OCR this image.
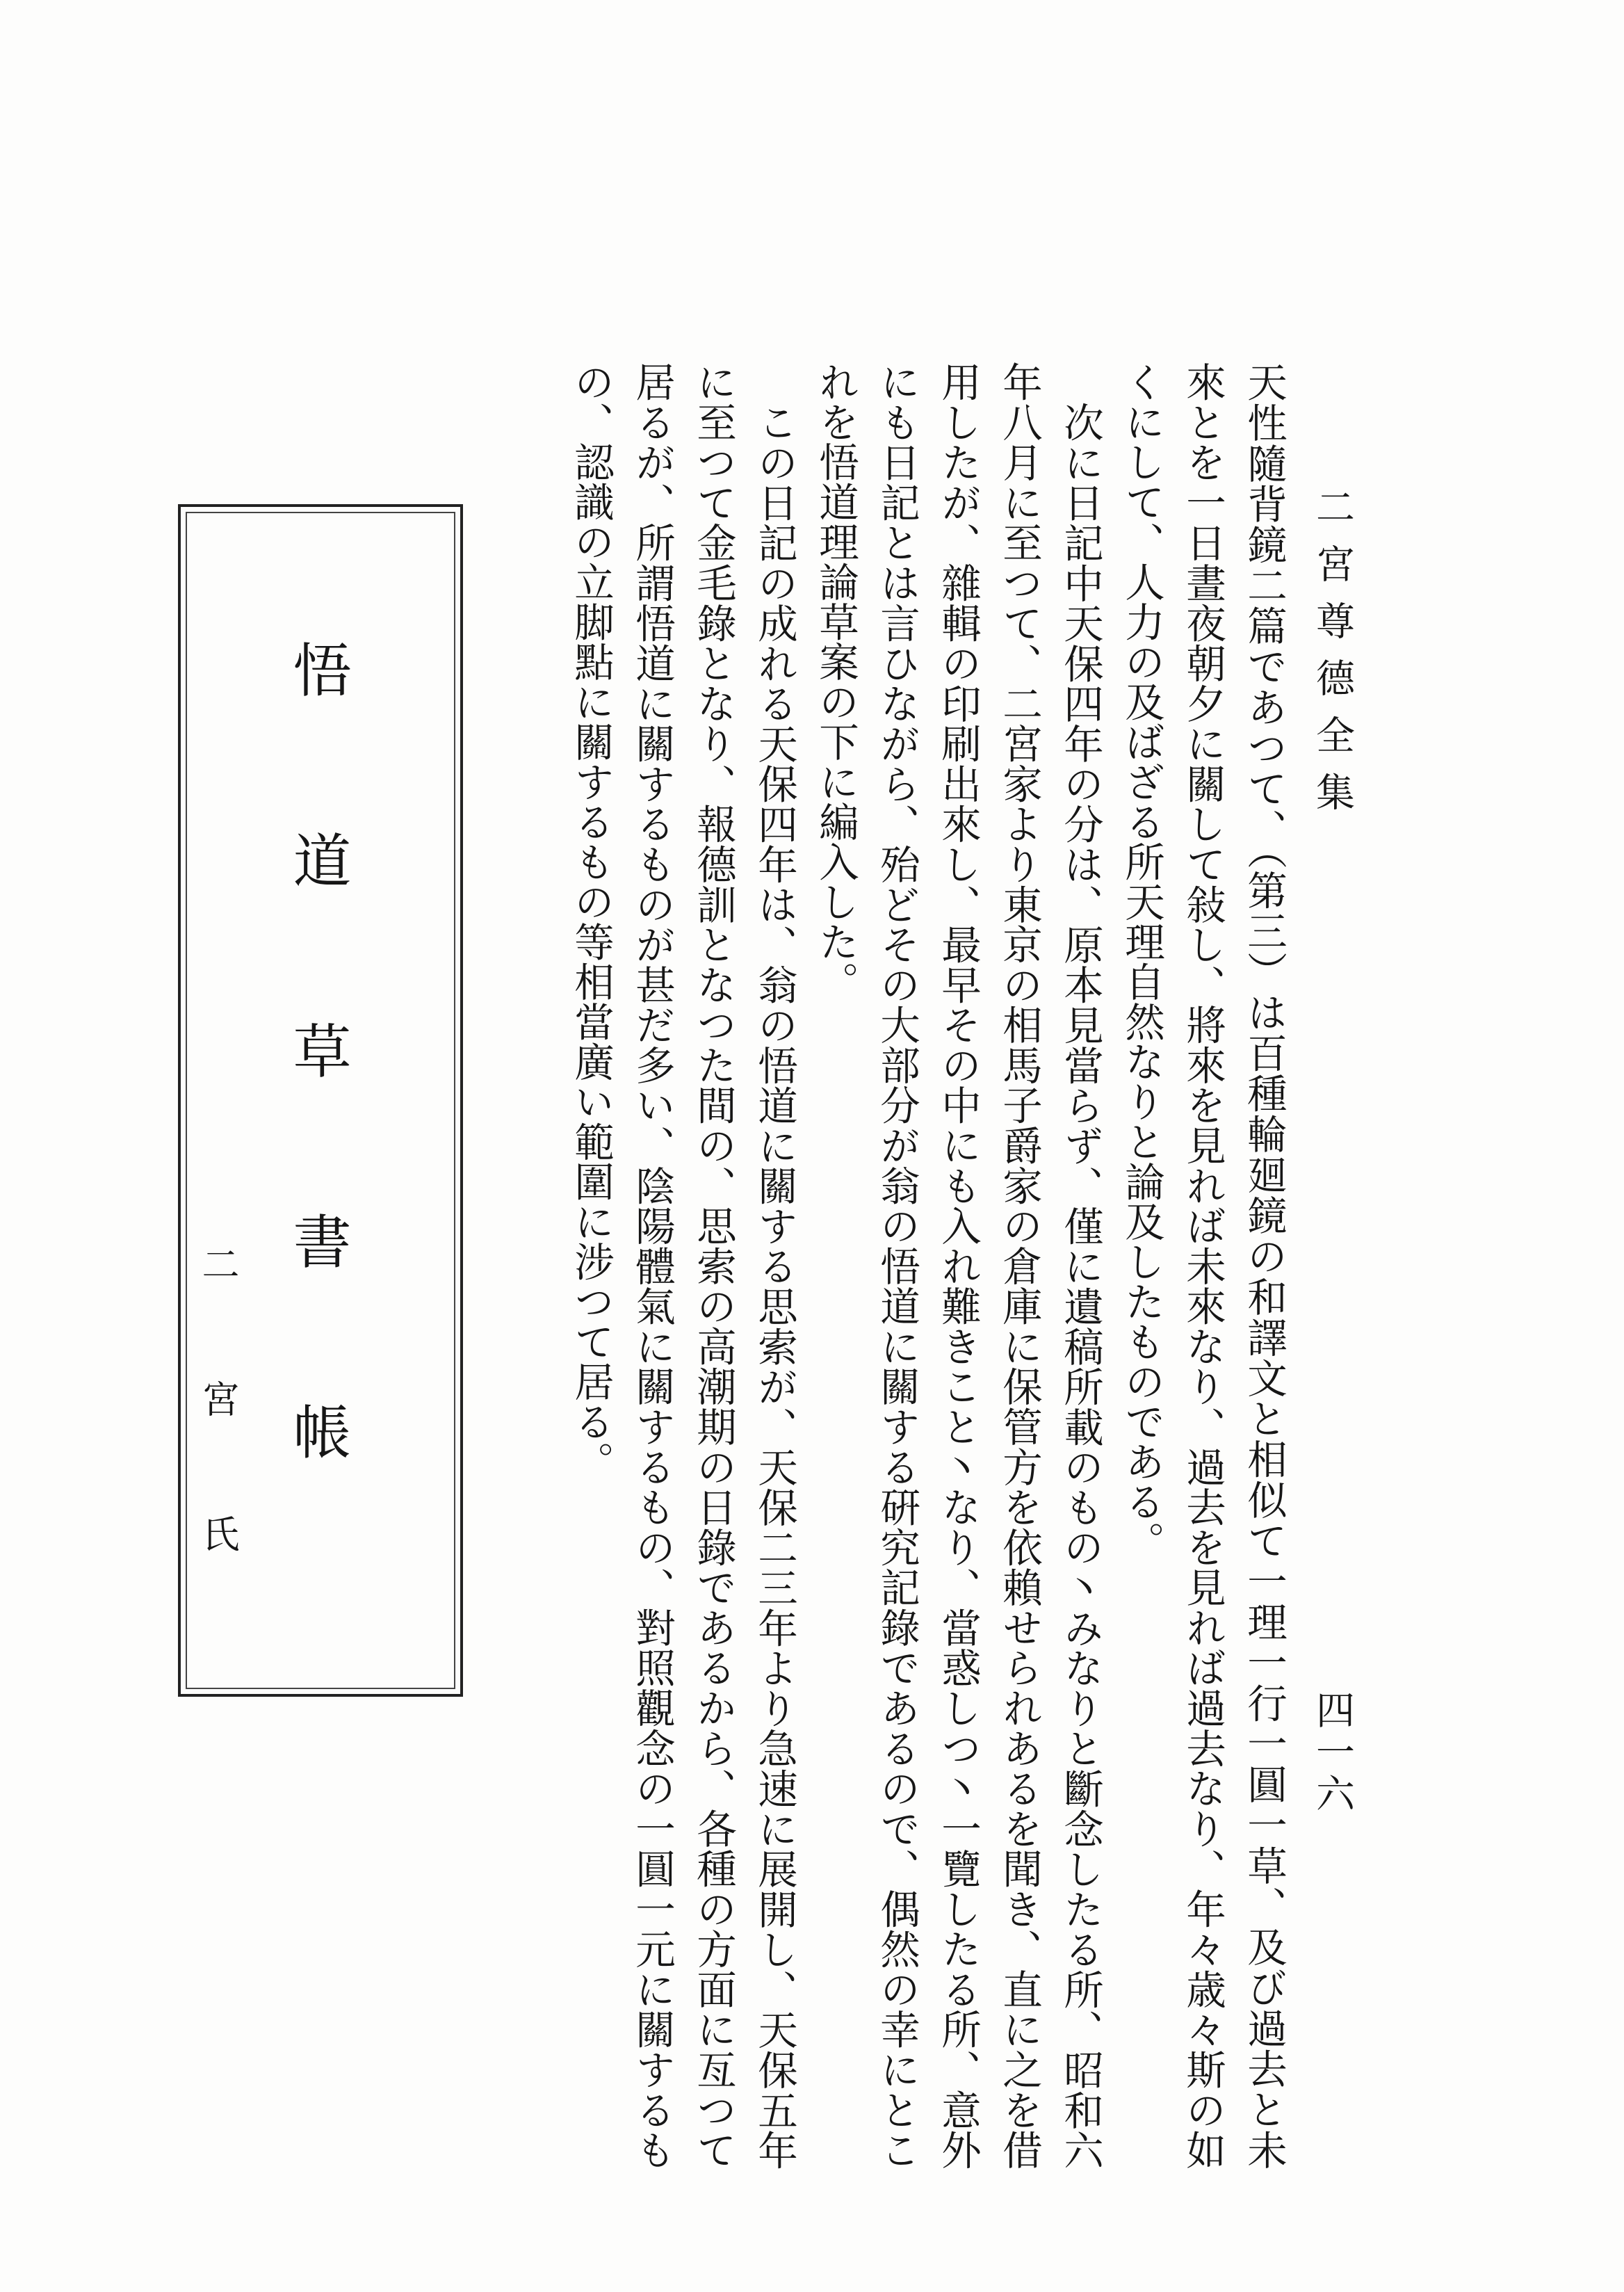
二宮尊德全集
四一六

天性隨背鏡二篇であつて、（第三）は百種輪廻鏡の和譯文と相似て一理一行一圓一草、及び過去と未來とを一日晝夜朝夕に關して敍し、將來を見れば未來なり、過去を見れば過去なり、年々歳々斯の如くにして、人力の及ばざる所天理自然なりと論及したものである。

次に日記中天保四年の分は、原本見當らず、僅に遺稿所載のもの丶みなりと斷念したる所、昭和六年八月に至つて、二宮家より東京の相馬子爵家の倉庫に保管方を依賴せられあるを聞き、直に之を借用したが、雜輯の印刷出來し、最早その中にも入れ難きこと丶なり、當惑しつ丶一覽したる所、意外にも日記とは言ひながら、殆どその大部分が翁の悟道に關する硏究記錄であるので、偶然の幸にとこれを悟道理論草案の下に編入した。

この日記の成れる天保四年は、翁の悟道に關する思索が、天保二三年より急速に展開し、天保五年に至つて金毛錄となり、報德訓となつた間の、思索の高潮期の日錄であるから、各種の方面に亙つて居るが、所謂悟道に關するものが甚だ多い、陰陽體氣に關するもの、對照觀念の一圓一元に關するもの、認識の立脚點に關するもの等相當廣い範圍に涉つて居る。

悟道草書帳
二宮氏
